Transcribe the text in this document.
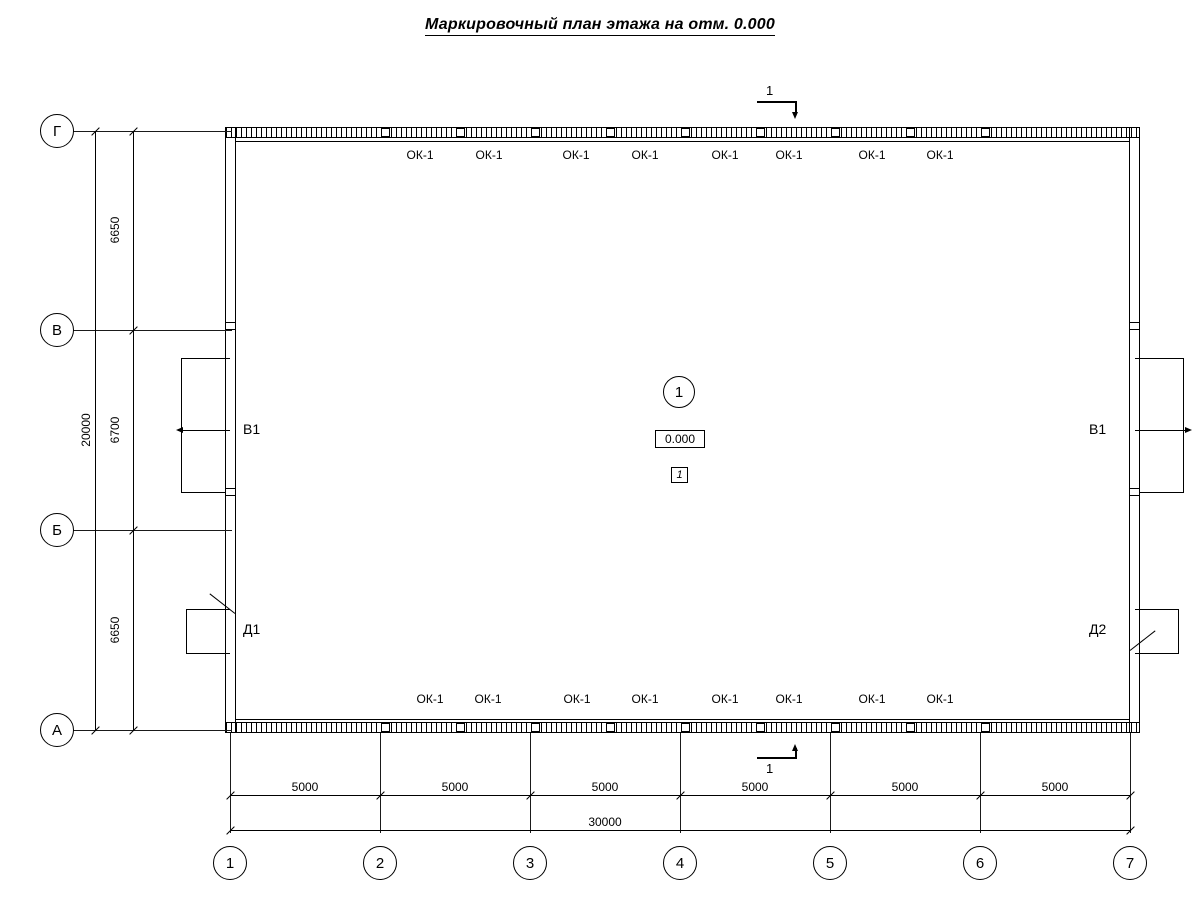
Маркировочный план этажа на отм. 0.000
ОК-1	ОК-1	ОК-1	ОК-1	ОК-1	ОК-1	ОК-1	ОК-1
ОК-1	ОК-1	ОК-1	ОК-1	ОК-1	ОК-1	ОК-1	ОК-1
В1	В1
Д1	Д2
1
0.000
1
1
1
Г
В
Б
А
6650
6700
6650
20000
5000	5000	5000	5000	5000	5000
30000
1	2	3	4	5	6	7
